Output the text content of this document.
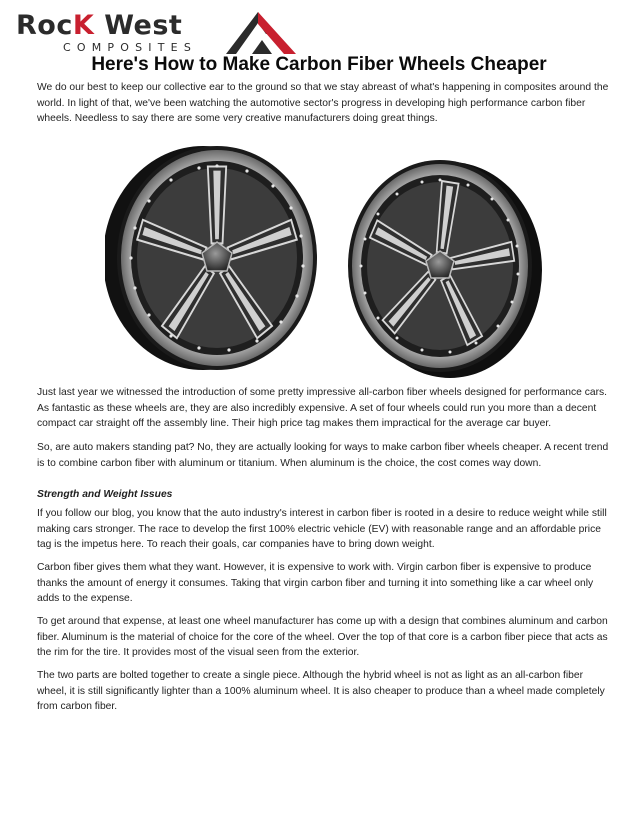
RocK West
COMPOSITES
Here's How to Make Carbon Fiber Wheels Cheaper

We do our best to keep our collective ear to the ground so that we stay abreast of what's happening in composites around the world. In light of that, we've been watching the automotive sector's progress in developing high performance carbon fiber wheels. Needless to say there are some very creative manufacturers doing great things.

Just last year we witnessed the introduction of some pretty impressive all-carbon fiber wheels designed for performance cars. As fantastic as these wheels are, they are also incredibly expensive. A set of four wheels could run you more than a decent compact car straight off the assembly line. Their high price tag makes them impractical for the average car buyer.

So, are auto makers standing pat? No, they are actually looking for ways to make carbon fiber wheels cheaper. A recent trend is to combine carbon fiber with aluminum or titanium. When aluminum is the choice, the cost comes way down.

Strength and Weight Issues

If you follow our blog, you know that the auto industry's interest in carbon fiber is rooted in a desire to reduce weight while still making cars stronger. The race to develop the first 100% electric vehicle (EV) with reasonable range and an affordable price tag is the impetus here. To reach their goals, car companies have to bring down weight.

Carbon fiber gives them what they want. However, it is expensive to work with. Virgin carbon fiber is expensive to produce thanks the amount of energy it consumes. Taking that virgin carbon fiber and turning it into something like a car wheel only adds to the expense.

To get around that expense, at least one wheel manufacturer has come up with a design that combines aluminum and carbon fiber. Aluminum is the material of choice for the core of the wheel. Over the top of that core is a carbon fiber piece that acts as the rim for the tire. It provides most of the visual seen from the exterior.

The two parts are bolted together to create a single piece. Although the hybrid wheel is not as light as an all-carbon fiber wheel, it is still significantly lighter than a 100% aluminum wheel. It is also cheaper to produce than a wheel made completely from carbon fiber.
